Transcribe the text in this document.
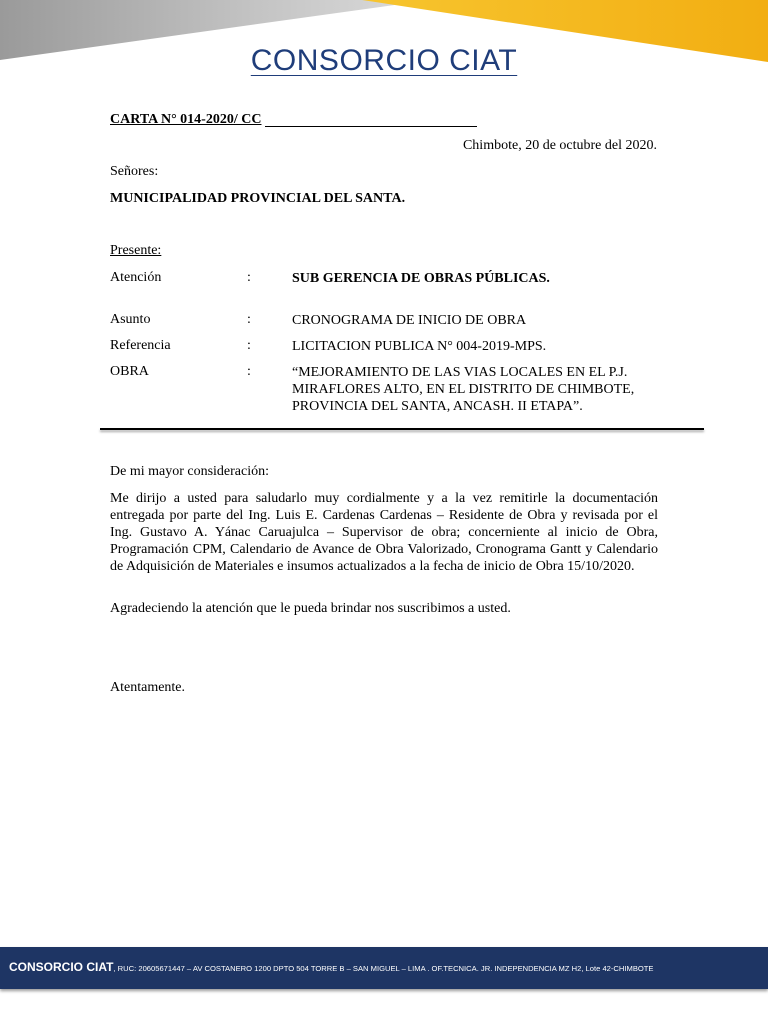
CONSORCIO CIAT
CARTA N° 014-2020/ CC
Chimbote, 20 de octubre del 2020.
Señores:
MUNICIPALIDAD PROVINCIAL DEL SANTA.
Presente:
Atención	:	SUB GERENCIA DE OBRAS PÚBLICAS.
Asunto	:	CRONOGRAMA DE INICIO DE OBRA
Referencia	:	LICITACION PUBLICA N° 004-2019-MPS.
OBRA	:	“MEJORAMIENTO DE LAS VIAS LOCALES EN EL P.J. MIRAFLORES ALTO, EN EL DISTRITO DE CHIMBOTE, PROVINCIA DEL SANTA, ANCASH. II ETAPA”.
De mi mayor consideración:
Me dirijo a usted para saludarlo muy cordialmente y a la vez remitirle la documentación entregada por parte del Ing. Luis E. Cardenas Cardenas – Residente de Obra y revisada por el Ing. Gustavo A. Yánac Caruajulca – Supervisor de obra; concerniente al inicio de Obra, Programación CPM, Calendario de Avance de Obra Valorizado, Cronograma Gantt y Calendario de Adquisición de Materiales e insumos actualizados a la fecha de inicio de Obra 15/10/2020.
Agradeciendo la atención que le pueda brindar nos suscribimos a usted.
Atentamente.
CONSORCIO CIAT, RUC: 20605671447 – AV COSTANERO 1200 DPTO 504 TORRE B – SAN MIGUEL – LIMA . OF.TECNICA. JR. INDEPENDENCIA MZ H2, Lote 42-CHIMBOTE
